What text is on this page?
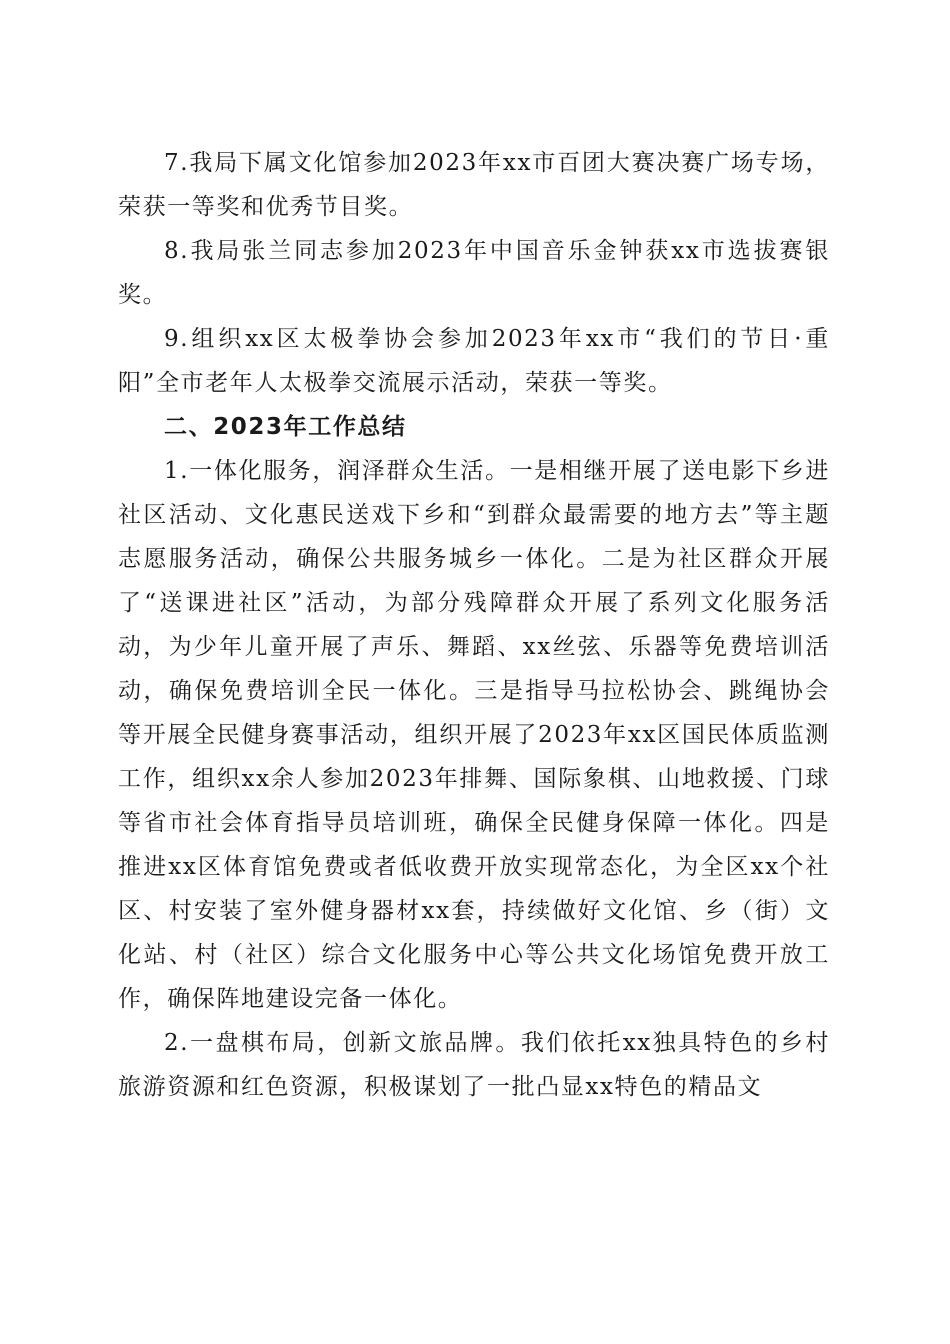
7.我局下属文化馆参加2023年xx市百团大赛决赛广场专场，荣获一等奖和优秀节目奖。

8.我局张兰同志参加2023年中国音乐金钟获xx市选拔赛银奖。

9.组织xx区太极拳协会参加2023年xx市“我们的节日·重阳”全市老年人太极拳交流展示活动，荣获一等奖。

二、2023年工作总结

1.一体化服务，润泽群众生活。一是相继开展了送电影下乡进社区活动、文化惠民送戏下乡和“到群众最需要的地方去”等主题志愿服务活动，确保公共服务城乡一体化。二是为社区群众开展了“送课进社区”活动，为部分残障群众开展了系列文化服务活动，为少年儿童开展了声乐、舞蹈、xx丝弦、乐器等免费培训活动，确保免费培训全民一体化。三是指导马拉松协会、跳绳协会等开展全民健身赛事活动，组织开展了2023年xx区国民体质监测工作，组织xx余人参加2023年排舞、国际象棋、山地救援、门球等省市社会体育指导员培训班，确保全民健身保障一体化。四是推进xx区体育馆免费或者低收费开放实现常态化，为全区xx个社区、村安装了室外健身器材xx套，持续做好文化馆、乡（街）文化站、村（社区）综合文化服务中心等公共文化场馆免费开放工作，确保阵地建设完备一体化。

2.一盘棋布局，创新文旅品牌。我们依托xx独具特色的乡村旅游资源和红色资源，积极谋划了一批凸显xx特色的精品文
